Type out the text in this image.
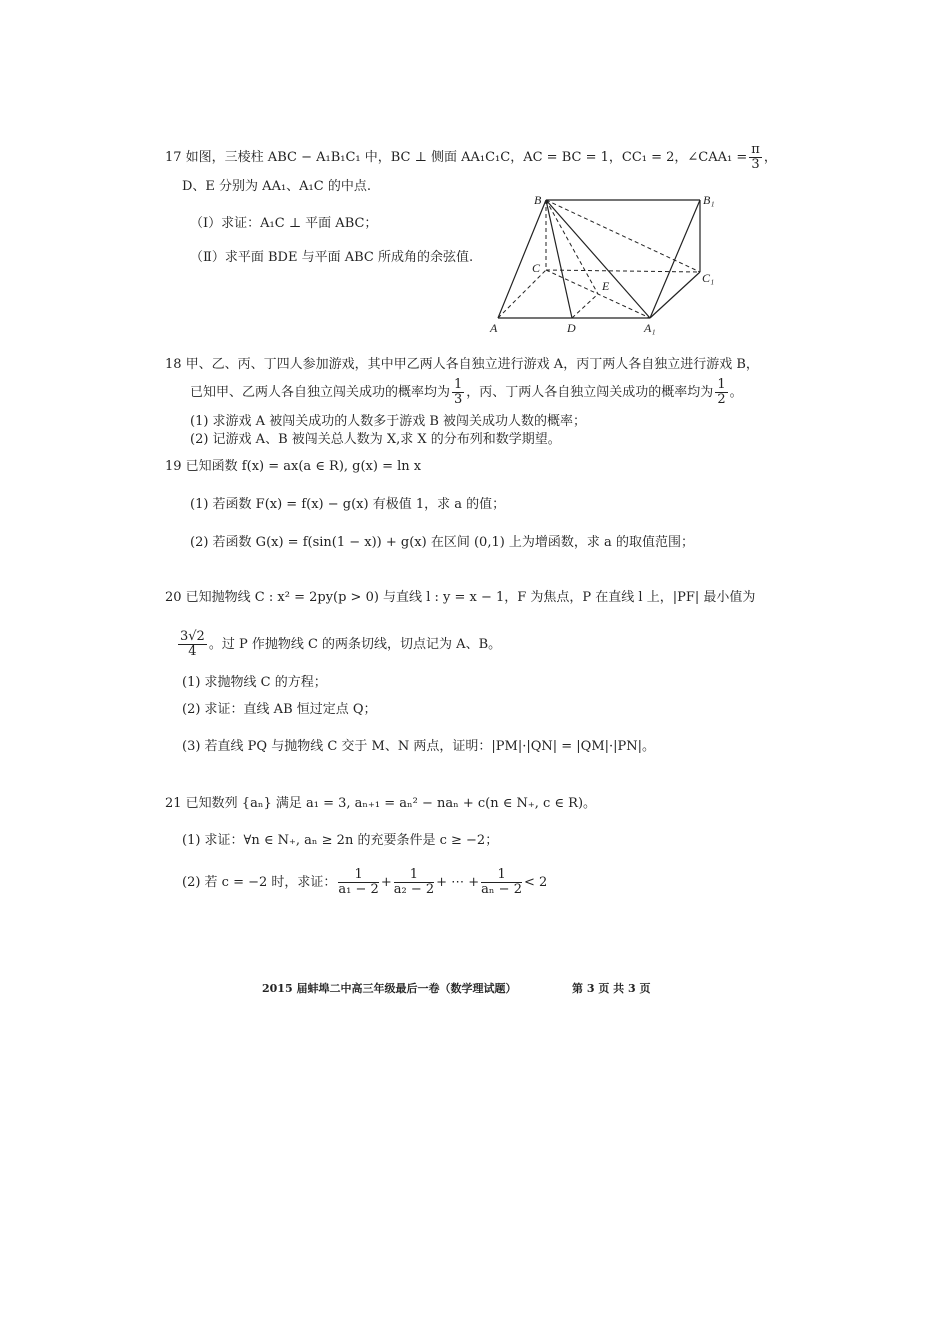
17 如图，三棱柱 ABC − A₁B₁C₁ 中，BC ⊥ 侧面 AA₁C₁C，AC = BC = 1，CC₁ = 2，∠CAA₁ = $\frac{\pi}{3}$ ，
D、E 分别为 AA₁、A₁C 的中点.
（Ⅰ）求证：A₁C ⊥ 平面 ABC；
（Ⅱ）求平面 BDE 与平面 ABC 所成角的余弦值.
B	B₁
C
C₁
E
A	D	A₁
18 甲、乙、丙、丁四人参加游戏，其中甲乙两人各自独立进行游戏 A，丙丁两人各自独立进行游戏 B，
已知甲、乙两人各自独立闯关成功的概率均为 $\frac{1}{3}$ ，丙、丁两人各自独立闯关成功的概率均为 $\frac{1}{2}$ 。
(1) 求游戏 A 被闯关成功的人数多于游戏 B 被闯关成功人数的概率；
(2) 记游戏 A、B 被闯关总人数为 X,求 X 的分布列和数学期望。
19 已知函数 f(x) = ax(a ∈ R), g(x) = ln x
(1) 若函数 F(x) = f(x) − g(x) 有极值 1，求 a 的值；
(2) 若函数 G(x) = f(sin(1 − x)) + g(x) 在区间 (0,1) 上为增函数，求 a 的取值范围；
20 已知抛物线 C : x² = 2py(p > 0) 与直线 l : y = x − 1，F 为焦点，P 在直线 l 上，|PF| 最小值为
$\frac{3√2}{4}$ 。过 P 作抛物线 C 的两条切线，切点记为 A、B。
(1) 求抛物线 C 的方程；
(2) 求证：直线 AB 恒过定点 Q；
(3) 若直线 PQ 与抛物线 C 交于 M、N 两点，证明：|PM|·|QN| = |QM|·|PN|。
21 已知数列 {aₙ} 满足 a₁ = 3, aₙ₊₁ = aₙ² − naₙ + c(n ∈ N₊, c ∈ R)。
(1) 求证：∀n ∈ N₊, aₙ ≥ 2n 的充要条件是 c ≥ −2；
(2) 若 c = −2 时，求证： $\frac{1}{\text{a₁ − 2}} + \frac{1}{\text{a₂ − 2}}$ + ⋯ + $\frac{1}{\text{aₙ − 2}} < 2$
2015 届蚌埠二中高三年级最后一卷（数学理试题）	第 3 页 共 3 页
